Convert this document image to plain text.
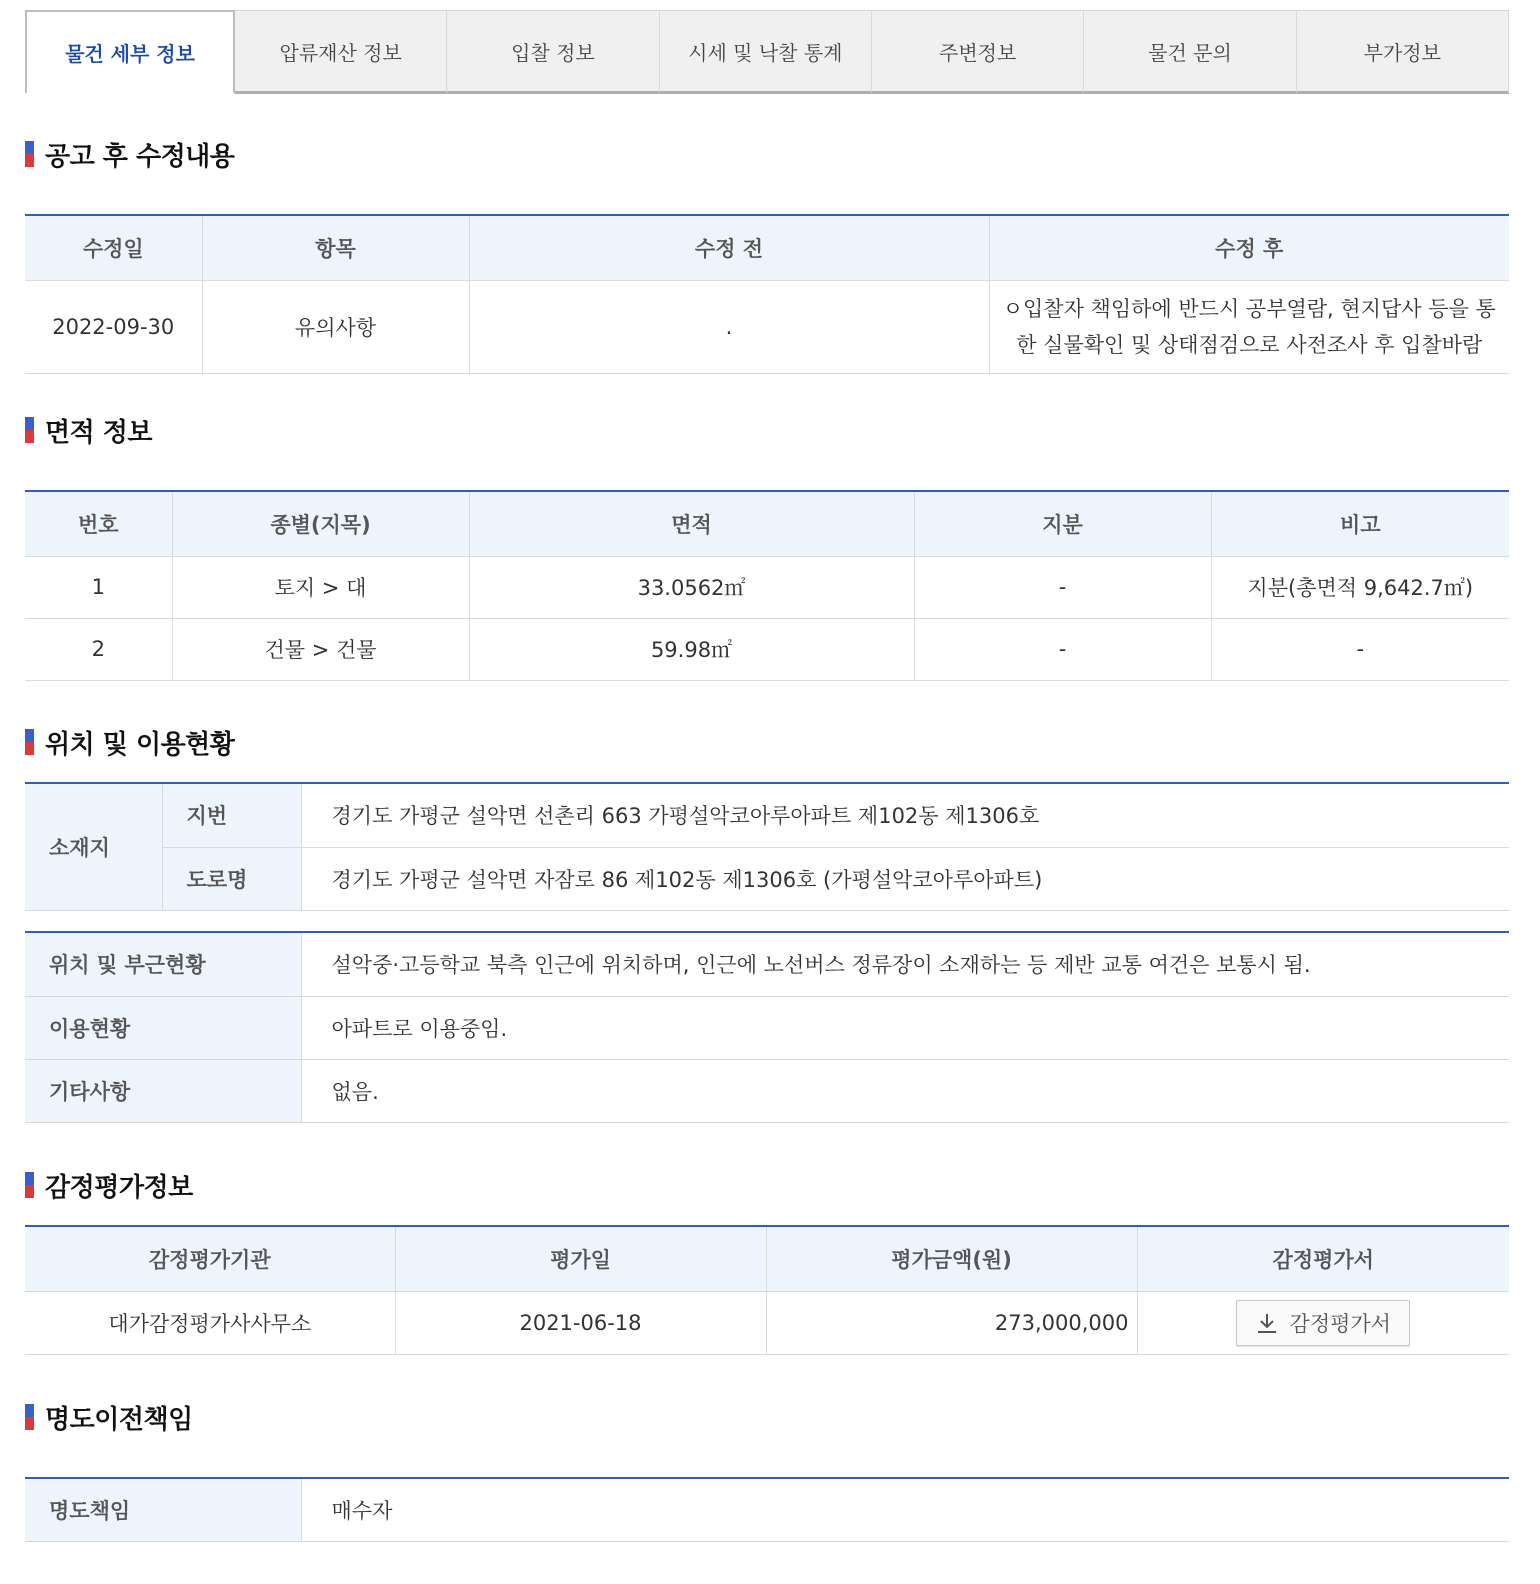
물건 세부 정보	압류재산 정보	입찰 정보	시세 및 낙찰 통계	주변정보	물건 문의	부가정보
공고 후 수정내용
수정일	항목	수정 전	수정 후
2022-09-30	유의사항	.	ㅇ입찰자 책임하에 반드시 공부열람, 현지답사 등을 통한 실물확인 및 상태점검으로 사전조사 후 입찰바람
면적 정보
번호	종별(지목)	면적	지분	비고
1	토지 > 대	33.0562㎡	-	지분(총면적 9,642.7㎡)
2	건물 > 건물	59.98㎡	-	-
위치 및 이용현황
소재지	지번	경기도 가평군 설악면 선촌리 663 가평설악코아루아파트 제102동 제1306호
	도로명	경기도 가평군 설악면 자잠로 86 제102동 제1306호 (가평설악코아루아파트)
위치 및 부근현황	설악중·고등학교 북측 인근에 위치하며, 인근에 노선버스 정류장이 소재하는 등 제반 교통 여건은 보통시 됨.
이용현황	아파트로 이용중임.
기타사항	없음.
감정평가정보
감정평가기관	평가일	평가금액(원)	감정평가서
대가감정평가사사무소	2021-06-18	273,000,000	감정평가서
명도이전책임
명도책임	매수자
